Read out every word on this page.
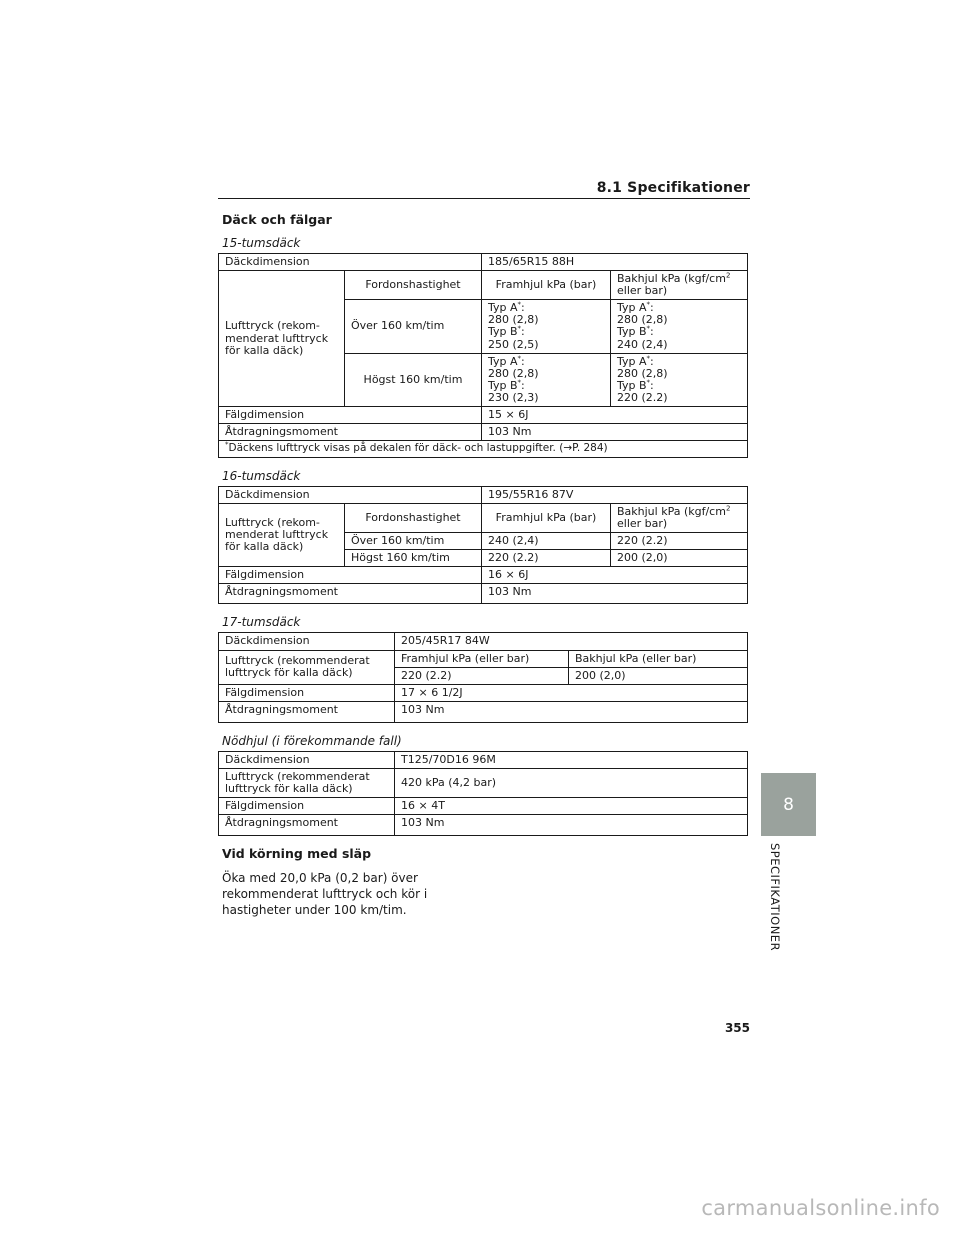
8.1 Specifikationer
Däck och fälgar
15-tumsdäck
Däckdimension		185/65R15 88H	
Lufttryck (rekom-
menderat lufttryck
för kalla däck)	Fordonshastighet	Framhjul kPa (bar)	Bakhjul kPa ($kgf/cm^2$
eller bar)
	Över 160 km/tim	Typ A*:
280 (2,8)
Typ B*:
250 (2,5)	Typ A*:
280 (2,8)
Typ B*:
240 (2,4)
	Högst 160 km/tim	Typ A*:
280 (2,8)
Typ B*:
230 (2,3)	Typ A*:
280 (2,8)
Typ B*:
220 (2.2)
Fälgdimension		15 × 6J	
Åtdragningsmoment		103 Nm	
*Däckens lufttryck visas på dekalen för däck- och lastuppgifter. (→P. 284)			
16-tumsdäck
Däckdimension		195/55R16 87V	
Lufttryck (rekom-
menderat lufttryck
för kalla däck)	Fordonshastighet	Framhjul kPa (bar)	Bakhjul kPa ($kgf/cm^2$
eller bar)
	Över 160 km/tim	240 (2,4)	220 (2.2)
	Högst 160 km/tim	220 (2.2)	200 (2,0)
Fälgdimension		16 × 6J	
Åtdragningsmoment		103 Nm	
17-tumsdäck
Däckdimension	205/45R17 84W	
Lufttryck (rekommenderat
lufttryck för kalla däck)	Framhjul kPa (eller bar)	Bakhjul kPa (eller bar)
	220 (2.2)	200 (2,0)
Fälgdimension	17 × 6 1/2J	
Åtdragningsmoment	103 Nm	
Nödhjul (i förekommande fall)
Däckdimension	T125/70D16 96M
Lufttryck (rekommenderat
lufttryck för kalla däck)	420 kPa (4,2 bar)
Fälgdimension	16 × 4T
Åtdragningsmoment	103 Nm
Vid körning med släp

Öka med 20,0 kPa (0,2 bar) över
rekommenderat lufttryck och kör i
hastigheter under 100 km/tim.

8
SPECIFIKATIONER
355
carmanualsonline.info
